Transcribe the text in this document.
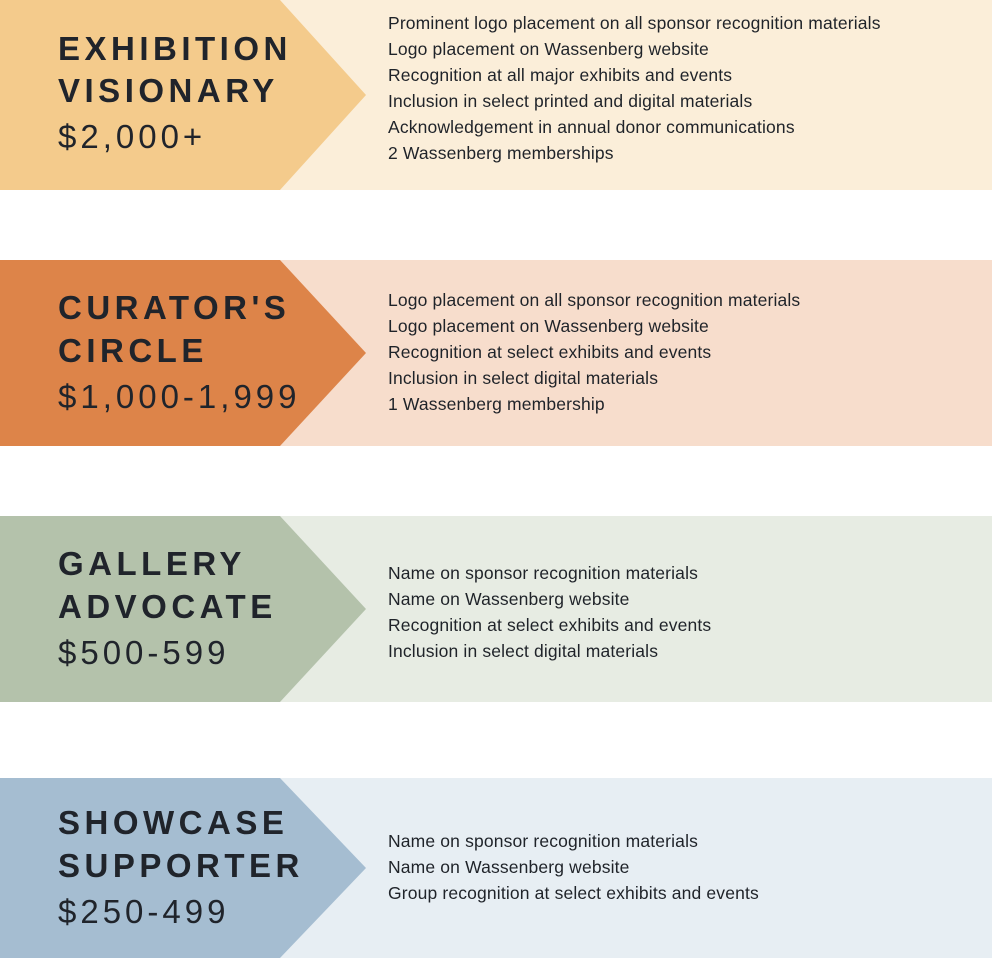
EXHIBITION
VISIONARY
$2,000+
Prominent logo placement on all sponsor recognition materials
Logo placement on Wassenberg website
Recognition at all major exhibits and events
Inclusion in select printed and digital materials
Acknowledgement in annual donor communications
2 Wassenberg memberships
CURATOR'S
CIRCLE
$1,000-1,999
Logo placement on all sponsor recognition materials
Logo placement on Wassenberg website
Recognition at select exhibits and events
Inclusion in select digital materials
1 Wassenberg membership
GALLERY
ADVOCATE
$500-599
Name on sponsor recognition materials
Name on Wassenberg website
Recognition at select exhibits and events
Inclusion in select digital materials
SHOWCASE
SUPPORTER
$250-499
Name on sponsor recognition materials
Name on Wassenberg website
Group recognition at select exhibits and events
